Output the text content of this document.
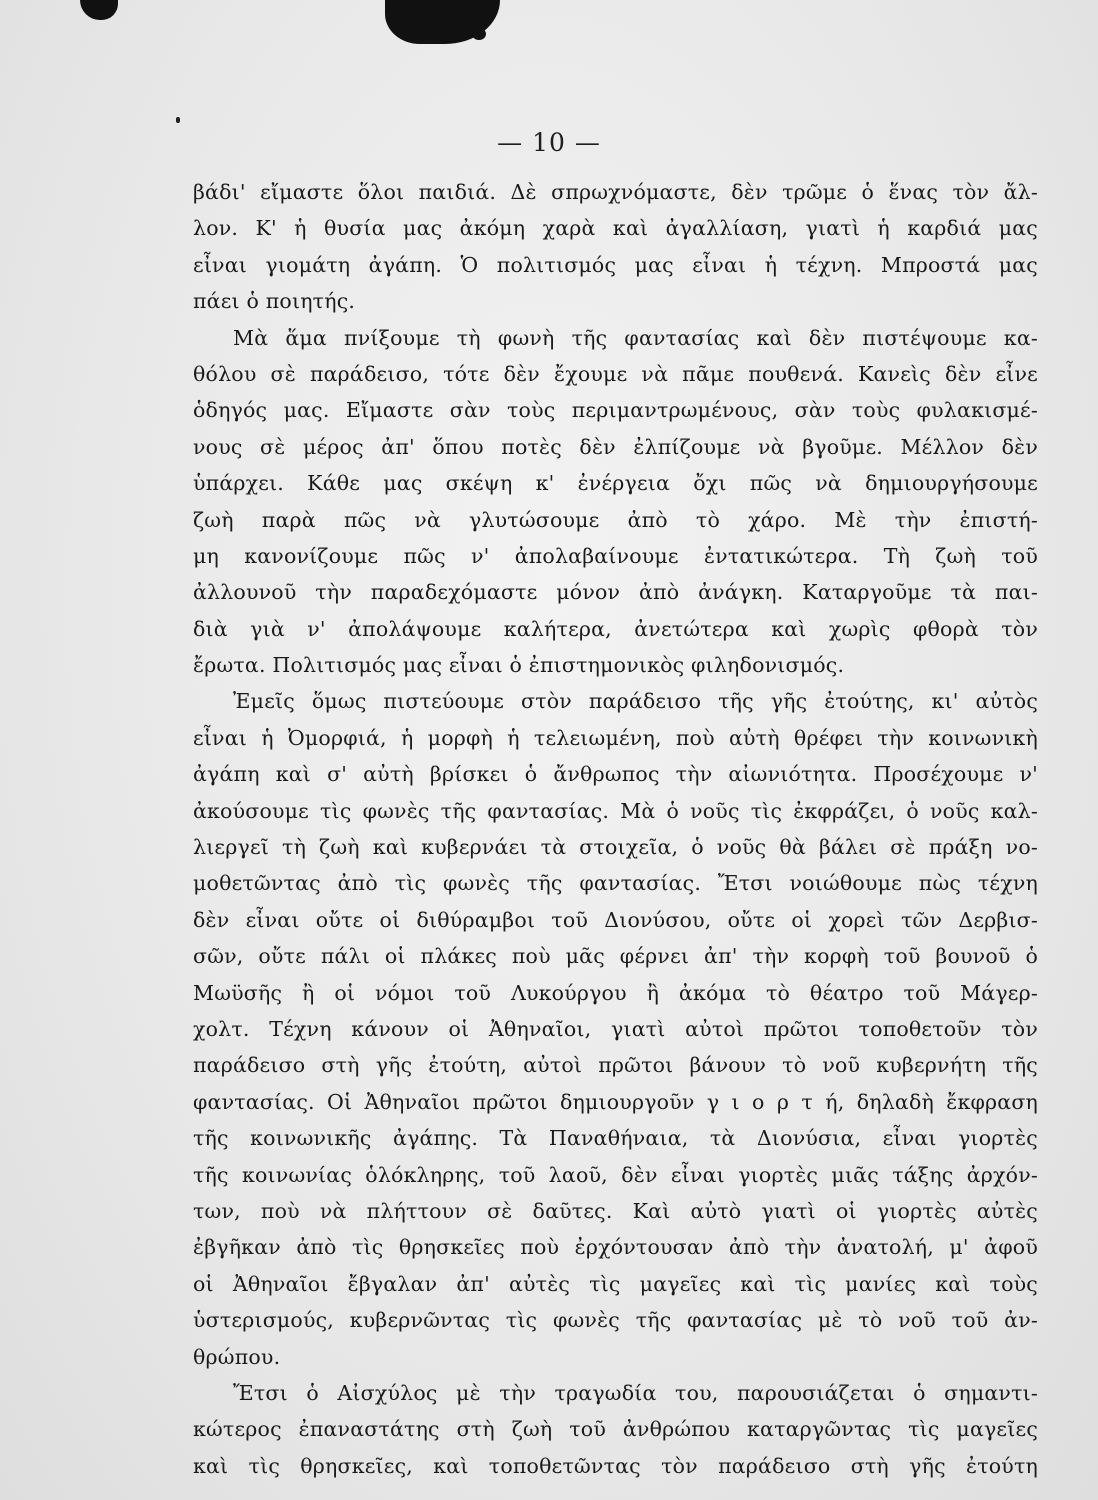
— 10 —
βάδι' εἴμαστε ὅλοι παιδιά. Δὲ σπρωχνόμαστε, δὲν τρῶμε ὁ ἕνας τὸν ἄλ-
λον. Κ' ἡ θυσία μας ἀκόμη χαρὰ καὶ ἀγαλλίαση, γιατὶ ἡ καρδιά μας
εἶναι γιομάτη ἀγάπη. Ὁ πολιτισμός μας εἶναι ἡ τέχνη. Μπροστά μας
πάει ὁ ποιητής.
Μὰ ἅμα πνίξουμε τὴ φωνὴ τῆς φαντασίας καὶ δὲν πιστέψουμε κα-
θόλου σὲ παράδεισο, τότε δὲν ἔχουμε νὰ πᾶμε πουθενά. Κανεὶς δὲν εἶνε
ὁδηγός μας. Εἴμαστε σὰν τοὺς περιμαντρωμένους, σὰν τοὺς φυλακισμέ-
νους σὲ μέρος ἀπ' ὅπου ποτὲς δὲν ἐλπίζουμε νὰ βγοῦμε. Μέλλον δὲν
ὑπάρχει. Κάθε μας σκέψη κ' ἐνέργεια ὄχι πῶς νὰ δημιουργήσουμε
ζωὴ παρὰ πῶς νὰ γλυτώσουμε ἀπὸ τὸ χάρο. Μὲ τὴν ἐπιστή-
μη κανονίζουμε πῶς ν' ἀπολαβαίνουμε ἐντατικώτερα. Τὴ ζωὴ τοῦ
ἀλλουνοῦ τὴν παραδεχόμαστε μόνον ἀπὸ ἀνάγκη. Καταργοῦμε τὰ παι-
διὰ γιὰ ν' ἀπολάψουμε καλήτερα, ἀνετώτερα καὶ χωρὶς φθορὰ τὸν
ἔρωτα. Πολιτισμός μας εἶναι ὁ ἐπιστημονικὸς φιληδονισμός.
Ἐμεῖς ὅμως πιστεύουμε στὸν παράδεισο τῆς γῆς ἐτούτης, κι' αὐτὸς
εἶναι ἡ Ὀμορφιά, ἡ μορφὴ ἡ τελειωμένη, ποὺ αὐτὴ θρέφει τὴν κοινωνικὴ
ἀγάπη καὶ σ' αὐτὴ βρίσκει ὁ ἄνθρωπος τὴν αἰωνιότητα. Προσέχουμε ν'
ἀκούσουμε τὶς φωνὲς τῆς φαντασίας. Μὰ ὁ νοῦς τὶς ἐκφράζει, ὁ νοῦς καλ-
λιεργεῖ τὴ ζωὴ καὶ κυβερνάει τὰ στοιχεῖα, ὁ νοῦς θὰ βάλει σὲ πράξη νο-
μοθετῶντας ἀπὸ τὶς φωνὲς τῆς φαντασίας. Ἔτσι νοιώθουμε πὼς τέχνη
δὲν εἶναι οὔτε οἱ διθύραμβοι τοῦ Διονύσου, οὔτε οἱ χορεὶ τῶν Δερβισ-
σῶν, οὔτε πάλι οἱ πλάκες ποὺ μᾶς φέρνει ἀπ' τὴν κορφὴ τοῦ βουνοῦ ὁ
Μωϋσῆς ἢ οἱ νόμοι τοῦ Λυκούργου ἢ ἀκόμα τὸ θέατρο τοῦ Μάγερ-
χολτ. Τέχνη κάνουν οἱ Ἀθηναῖοι, γιατὶ αὐτοὶ πρῶτοι τοποθετοῦν τὸν
παράδεισο στὴ γῆς ἐτούτη, αὐτοὶ πρῶτοι βάνουν τὸ νοῦ κυβερνήτη τῆς
φαντασίας. Οἱ Ἀθηναῖοι πρῶτοι δημιουργοῦν γ ι ο ρ τ ή, δηλαδὴ ἔκφραση
τῆς κοινωνικῆς ἀγάπης. Τὰ Παναθήναια, τὰ Διονύσια, εἶναι γιορτὲς
τῆς κοινωνίας ὁλόκληρης, τοῦ λαοῦ, δὲν εἶναι γιορτὲς μιᾶς τάξης ἀρχόν-
των, ποὺ νὰ πλήττουν σὲ δαῦτες. Καὶ αὐτὸ γιατὶ οἱ γιορτὲς αὐτὲς
ἐβγῆκαν ἀπὸ τὶς θρησκεῖες ποὺ ἐρχόντουσαν ἀπὸ τὴν ἀνατολή, μ' ἀφοῦ
οἱ Ἀθηναῖοι ἔβγαλαν ἀπ' αὐτὲς τὶς μαγεῖες καὶ τὶς μανίες καὶ τοὺς
ὑστερισμούς, κυβερνῶντας τὶς φωνὲς τῆς φαντασίας μὲ τὸ νοῦ τοῦ ἀν-
θρώπου.
Ἔτσι ὁ Αἰσχύλος μὲ τὴν τραγωδία του, παρουσιάζεται ὁ σημαντι-
κώτερος ἐπαναστάτης στὴ ζωὴ τοῦ ἀνθρώπου καταργῶντας τὶς μαγεῖες
καὶ τὶς θρησκεῖες, καὶ τοποθετῶντας τὸν παράδεισο στὴ γῆς ἐτούτη
